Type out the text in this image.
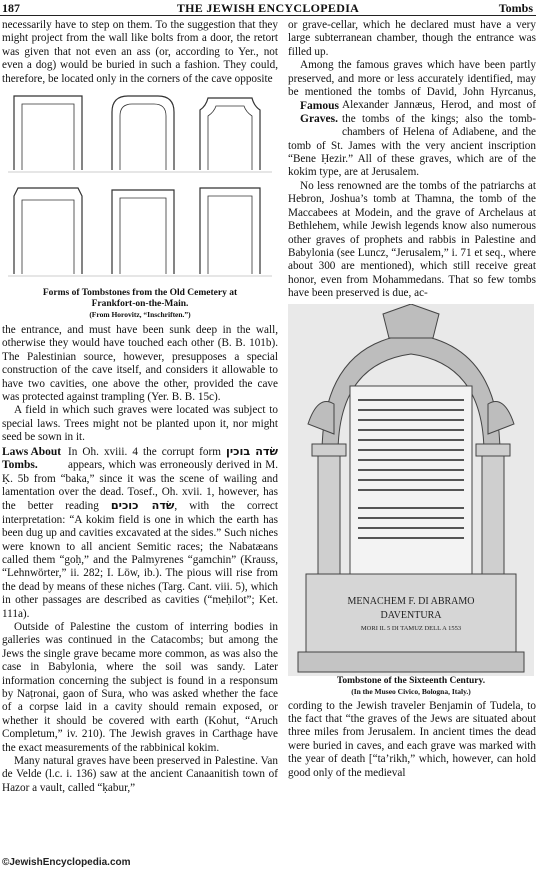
187	THE JEWISH ENCYCLOPEDIA	Tombs

necessarily have to step on them. To the suggestion that they might project from the wall like bolts from a door, the retort was given that not even an ass (or, according to Yer., not even a dog) would be buried in such a fashion. They could, therefore, be located only in the corners of the cave opposite

Forms of Tombstones from the Old Cemetery at
Frankfort-on-the-Main.
(From Horovitz, “Inschriften.”)

the entrance, and must have been sunk deep in the wall, otherwise they would have touched each other (B. B. 101b). The Palestinian source, however, presupposes a special construction of the cave itself, and considers it allowable to have two cavities, one above the other, provided the cave was protected against trampling (Yer. B. B. 15c).

A field in which such graves were located was subject to special laws. Trees might not be planted upon it, nor might seed be sown in it.

Laws About
Tombs.
In Oh. xviii. 4 the corrupt form	שׂדה בוכין appears, which was erroneously derived in M. Ḳ. 5b from “baka,” since it was the scene of wailing and lamentation over the dead. Tosef., Oh. xvii. 1, however, has the better reading שׂדה כוכים, with the correct interpretation: “A kokim field is one in which the earth has been dug up and cavities excavated at the sides.” Such niches were known to all ancient Semitic races; the Nabatæans called them “goḥ,” and the Palmyrenes “gamchin” (Krauss, “Lehnwörter,” ii. 282; I. Löw, ib.). The pious will rise from the dead by means of these niches (Targ. Cant. viii. 5), which in other passages are described as cavities (“meḥilot”; Ket. 111a).

Outside of Palestine the custom of interring bodies in galleries was continued in the Catacombs; but among the Jews the single grave became more common, as was also the case in Babylonia, where the soil was sandy. Later information concerning the subject is found in a responsum by Naṭronai, gaon of Sura, who was asked whether the face of a corpse laid in a cavity should remain exposed, or whether it should be covered with earth (Kohut, “Aruch Completum,” iv. 210). The Jewish graves in Carthage have the exact measurements of the rabbinical kokim.

Many natural graves have been preserved in Palestine. Van de Velde (l.c. i. 136) saw at the ancient Canaanitish town of Hazor a vault, called “ḳabur,”

or grave-cellar, which he declared must have a very large subterranean chamber, though the entrance was filled up.

Among the famous graves which have been partly preserved, and more or less accurately identified, may be mentioned the tombs of David, John Hyrcanus, Alexander Jannæus, Herod, and
Famous
Graves.
most of the tombs of the kings; also the tomb-chambers of Helena of Adiabene, and the tomb of St. James with the very ancient inscription “Bene Ḥezir.” All of these graves, which are of the kokim type, are at Jerusalem.

No less renowned are the tombs of the patriarchs at Hebron, Joshua’s tomb at Thamna, the tomb of the Maccabees at Modein, and the grave of Archelaus at Bethlehem, while Jewish legends know also numerous other graves of prophets and rabbis in Palestine and Babylonia (see Luncz, “Jerusalem,” i. 71 et seq., where about 300 are mentioned), which still receive great honor, even from Mohammedans. That so few tombs have been preserved is due, ac-

MENACHEM F. DI ABRAMO
DAVENTURA
MORI IL 5 DI TAMUZ DELL A 1553
Tombstone of the Sixteenth Century.
(In the Museo Civico, Bologna, Italy.)

cording to the Jewish traveler Benjamin of Tudela, to the fact that “the graves of the Jews are situated about three miles from Jerusalem. In ancient times the dead were buried in caves, and each grave was marked with the year of death [“ta’rikh,” which, however, can hold good only of the medieval

©JewishEncyclopedia.com
